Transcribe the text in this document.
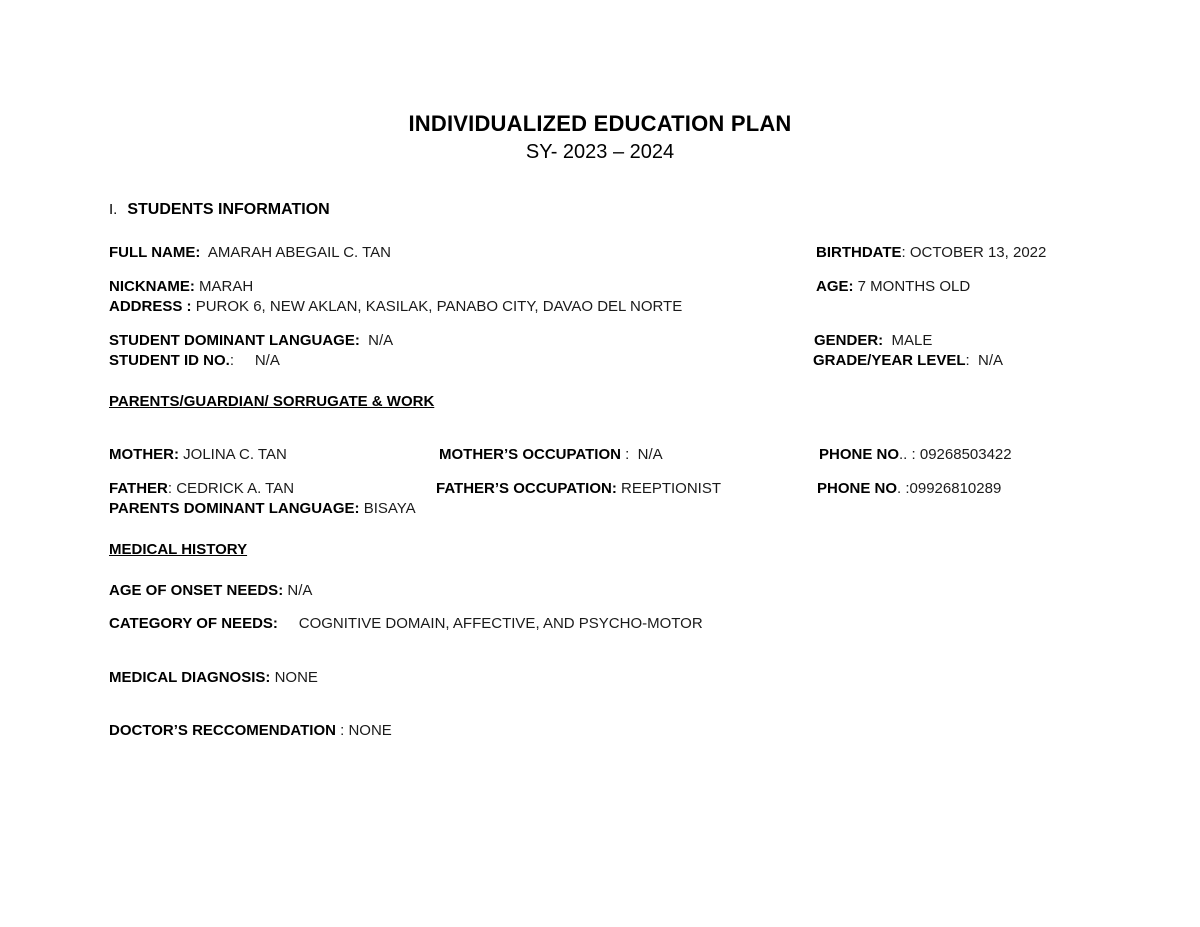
INDIVIDUALIZED EDUCATION PLAN
SY- 2023 – 2024
I. STUDENTS INFORMATION
FULL NAME: AMARAH ABEGAIL C. TAN	BIRTHDATE: OCTOBER 13, 2022
NICKNAME: MARAH	AGE: 7 MONTHS OLD
ADDRESS : PUROK 6, NEW AKLAN, KASILAK, PANABO CITY, DAVAO DEL NORTE
STUDENT DOMINANT LANGUAGE: N/A	GENDER: MALE
STUDENT ID NO.:     N/A	GRADE/YEAR LEVEL:  N/A
PARENTS/GUARDIAN/ SORRUGATE & WORK
MOTHER: JOLINA C. TAN	MOTHER’S OCCUPATION :  N/A	PHONE NO.. : 09268503422
FATHER: CEDRICK A. TAN	FATHER’S OCCUPATION: REEPTIONIST	PHONE NO. :09926810289
PARENTS DOMINANT LANGUAGE: BISAYA
MEDICAL HISTORY
AGE OF ONSET NEEDS: N/A
CATEGORY OF NEEDS: COGNITIVE DOMAIN, AFFECTIVE, AND PSYCHO-MOTOR
MEDICAL DIAGNOSIS: NONE
DOCTOR’S RECCOMENDATION : NONE
